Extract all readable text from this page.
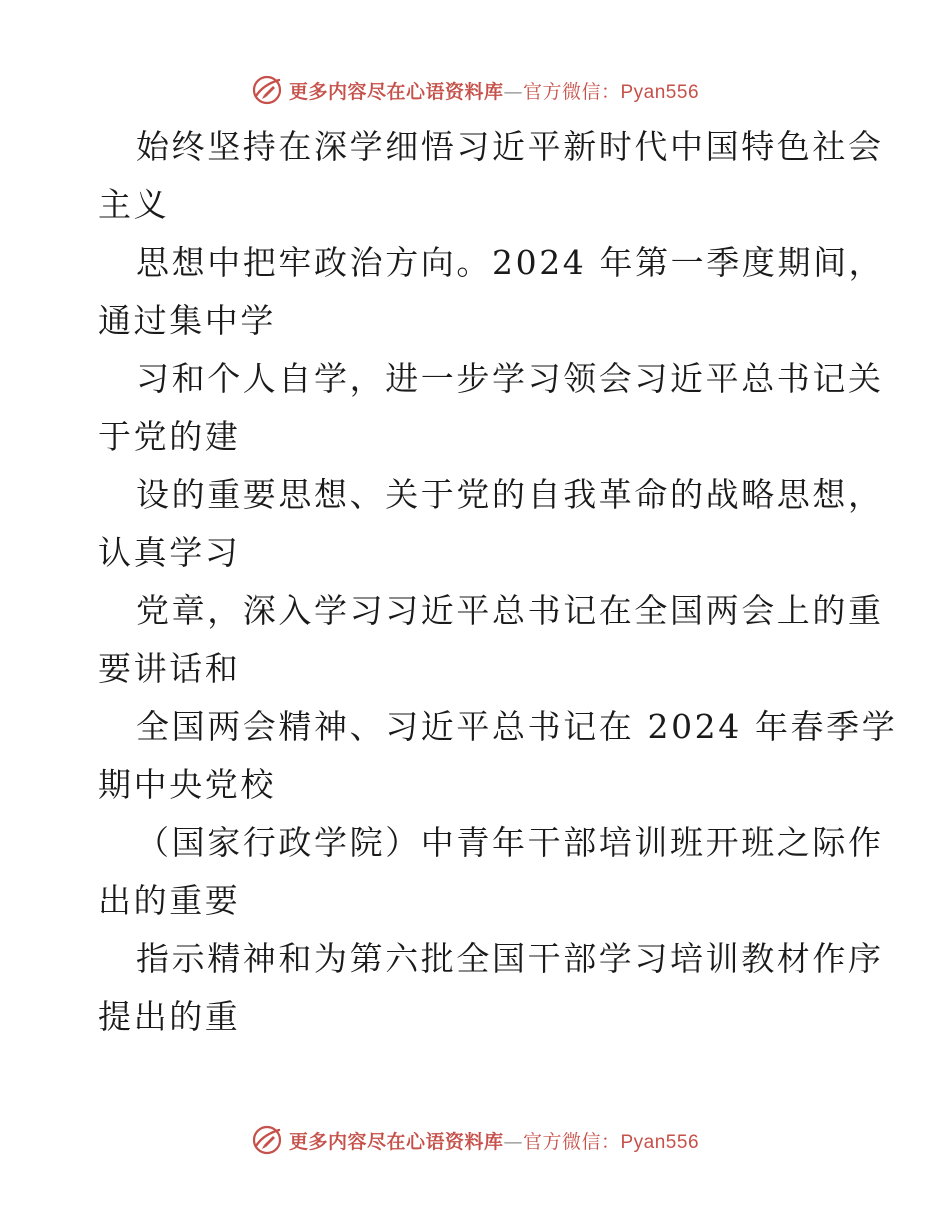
更多内容尽在心语资料库—官方微信：Pyan556
始终坚持在深学细悟习近平新时代中国特色社会
主义
思想中把牢政治方向。2024 年第一季度期间，
通过集中学
习和个人自学，进一步学习领会习近平总书记关
于党的建
设的重要思想、关于党的自我革命的战略思想，
认真学习
党章，深入学习习近平总书记在全国两会上的重
要讲话和
全国两会精神、习近平总书记在 2024 年春季学
期中央党校
（国家行政学院）中青年干部培训班开班之际作
出的重要
指示精神和为第六批全国干部学习培训教材作序
提出的重
更多内容尽在心语资料库—官方微信：Pyan556
